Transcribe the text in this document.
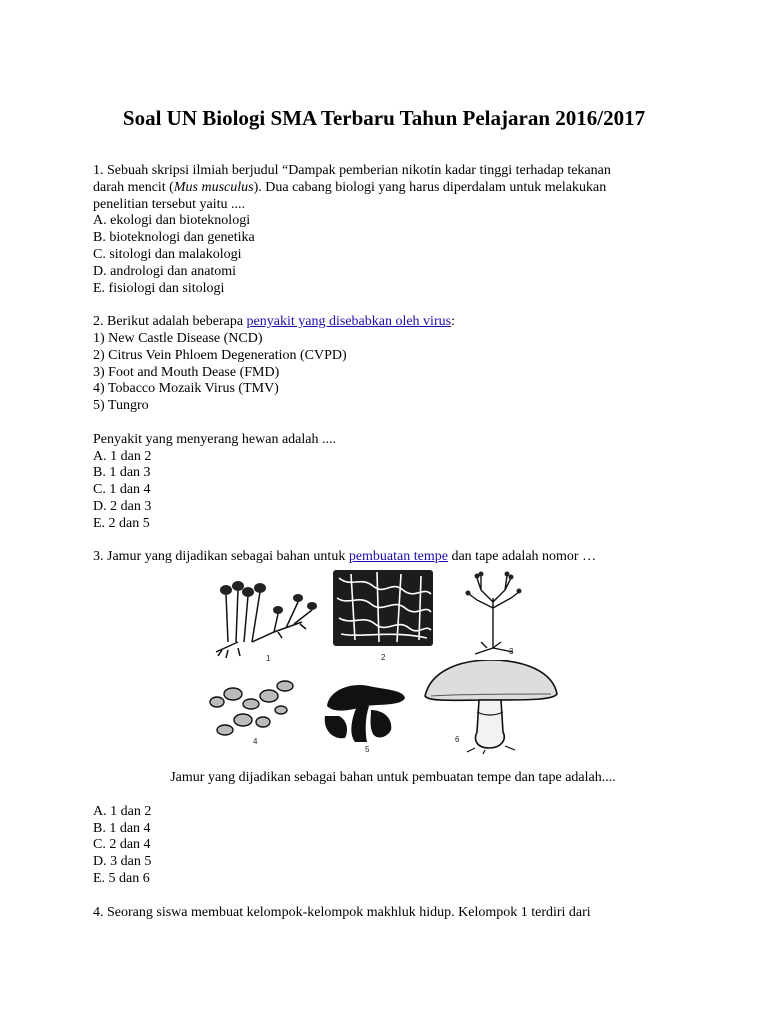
Soal UN Biologi SMA Terbaru Tahun Pelajaran 2016/2017
1. Sebuah skripsi ilmiah berjudul “Dampak pemberian nikotin kadar tinggi terhadap tekanan
darah mencit (Mus musculus). Dua cabang biologi yang harus diperdalam untuk melakukan
penelitian tersebut yaitu ....
A. ekologi dan bioteknologi
B. bioteknologi dan genetika
C. sitologi dan malakologi
D. andrologi dan anatomi
E. fisiologi dan sitologi
2. Berikut adalah beberapa penyakit yang disebabkan oleh virus:
1) New Castle Disease (NCD)
2) Citrus Vein Phloem Degeneration (CVPD)
3) Foot and Mouth Dease (FMD)
4) Tobacco Mozaik Virus (TMV)
5) Tungro
Penyakit yang menyerang hewan adalah ....
A. 1 dan 2
B. 1 dan 3
C. 1 dan 4
D. 2 dan 3
E. 2 dan 5
3. Jamur yang dijadikan sebagai bahan untuk pembuatan tempe dan tape adalah nomor …
1	2
3
4
5
6
Jamur yang dijadikan sebagai bahan untuk pembuatan tempe dan tape adalah....
A. 1 dan 2
B. 1 dan 4
C. 2 dan 4
D. 3 dan 5
E. 5 dan 6
4. Seorang siswa membuat kelompok-kelompok makhluk hidup. Kelompok 1 terdiri dari
